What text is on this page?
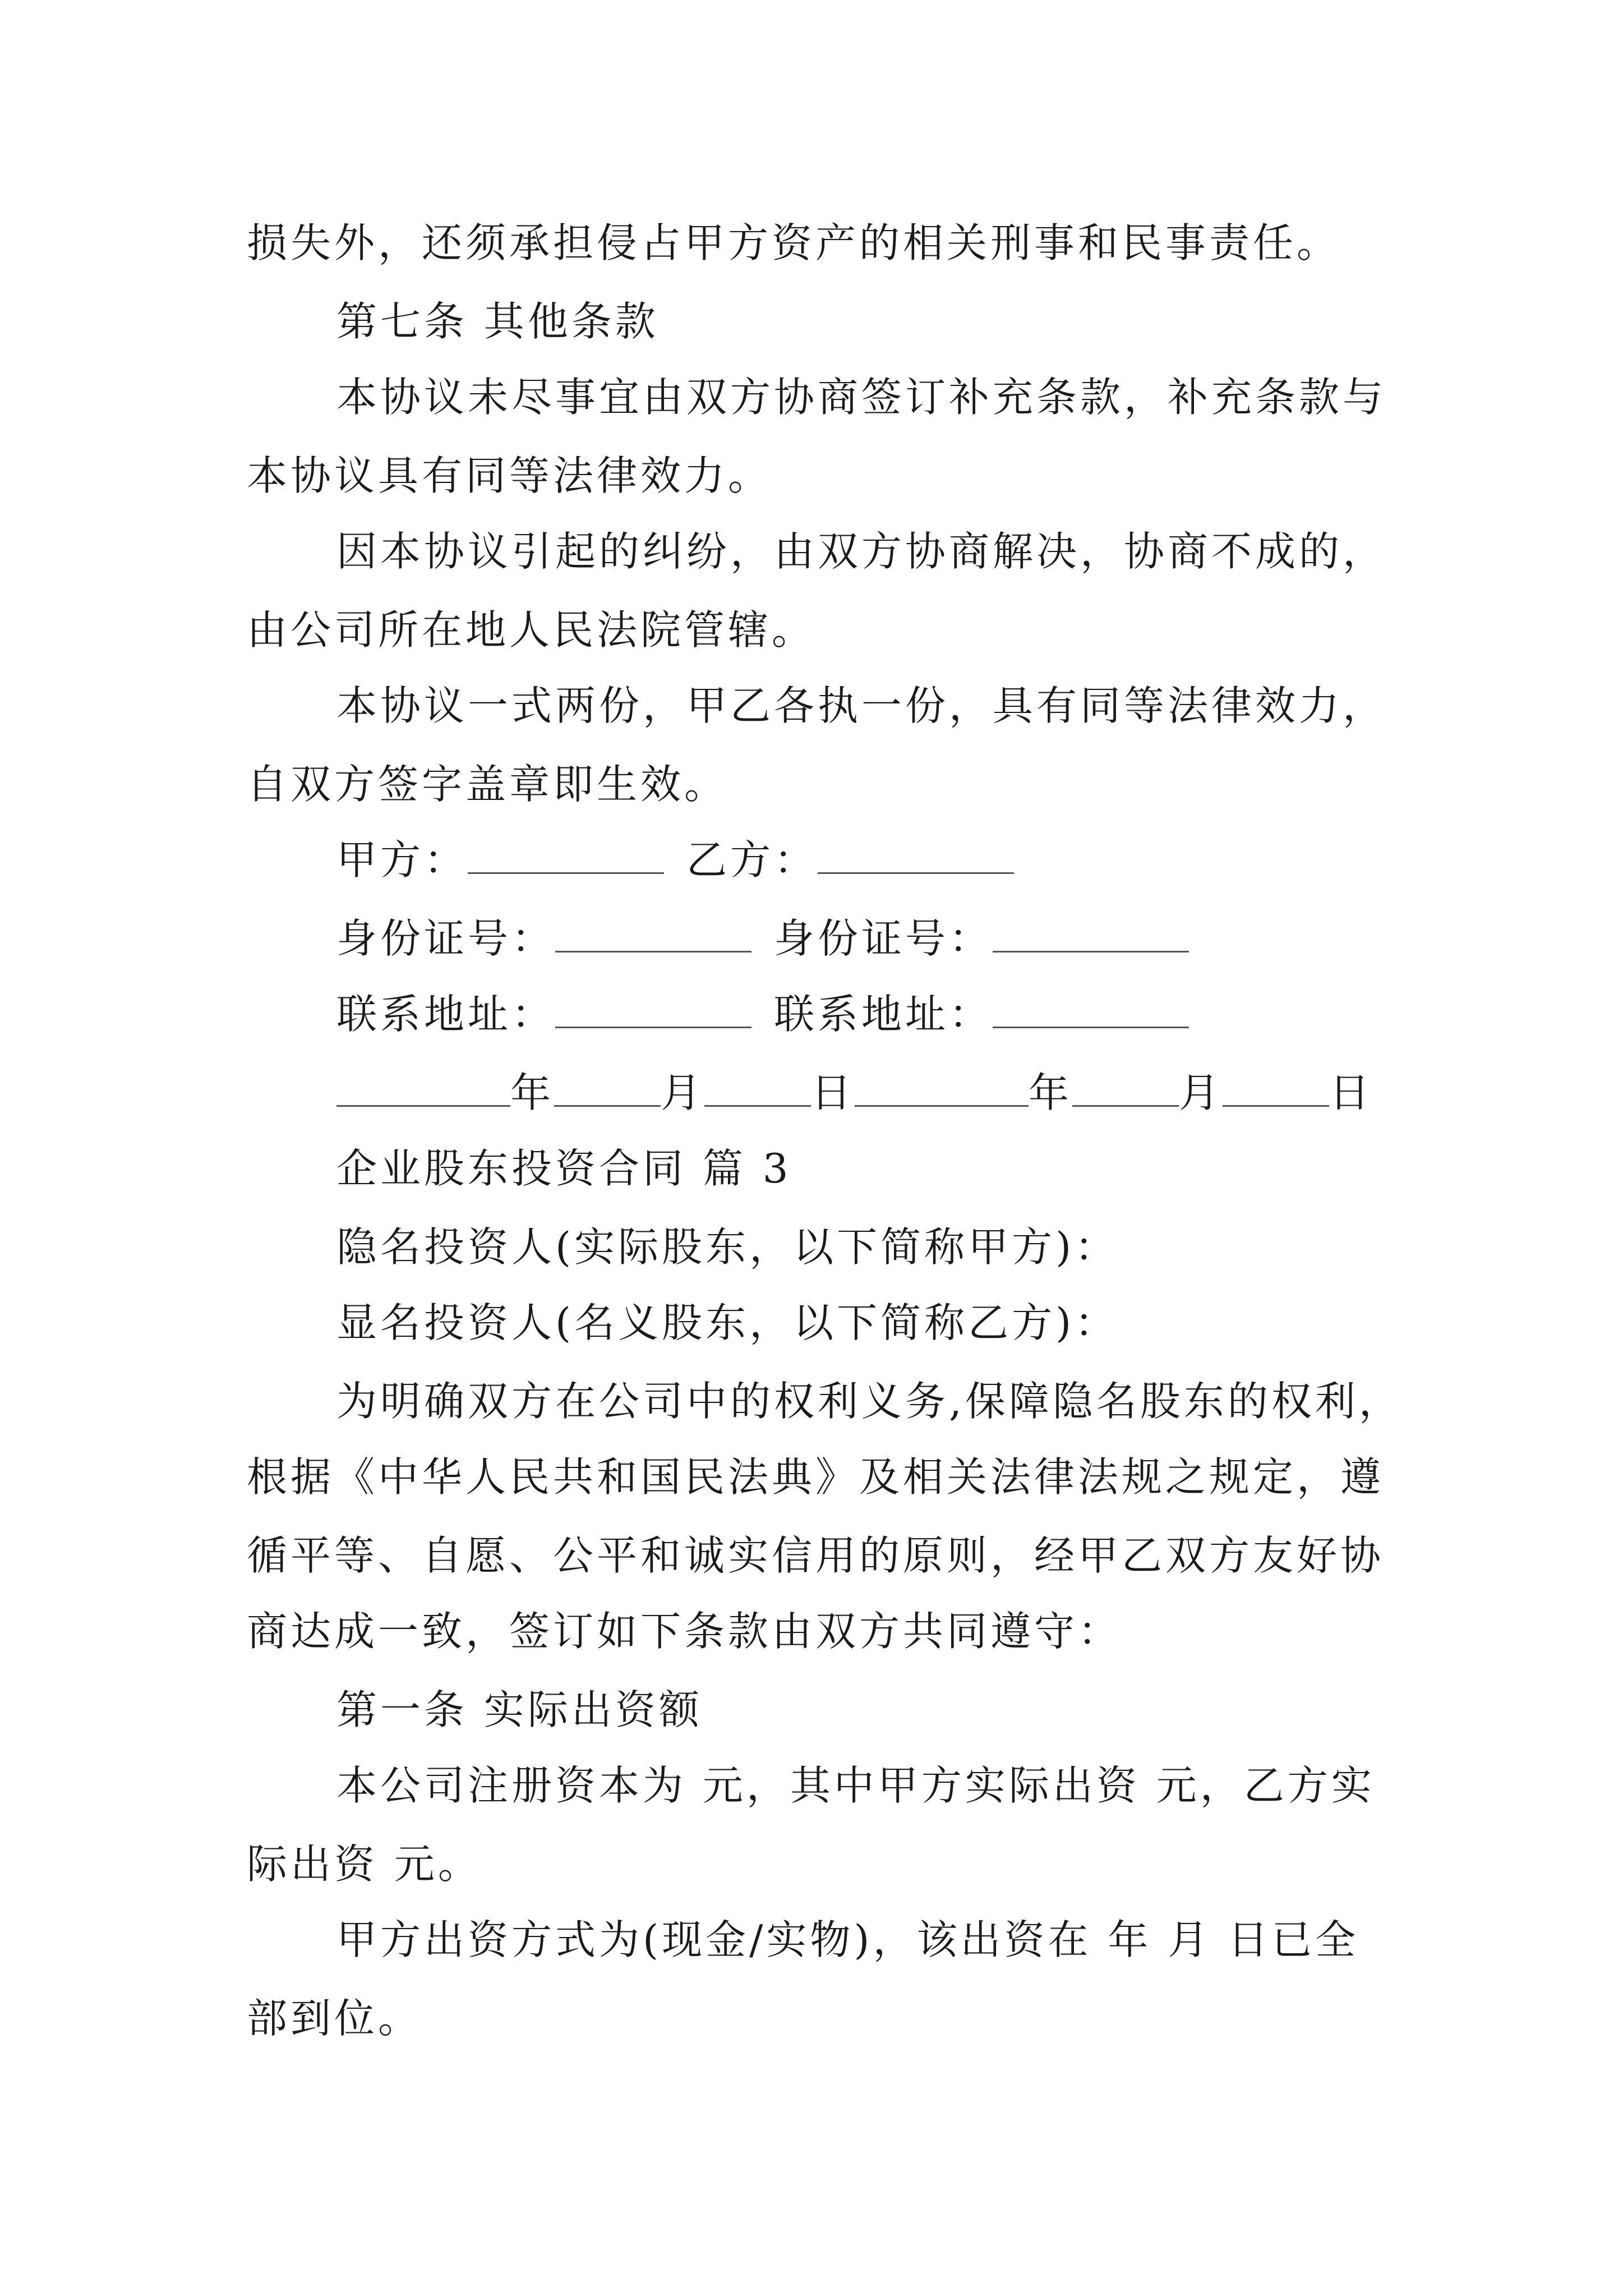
损失外，还须承担侵占甲方资产的相关刑事和民事责任。
第七条 其他条款
本协议未尽事宜由双方协商签订补充条款，补充条款与
本协议具有同等法律效力。
因本协议引起的纠纷，由双方协商解决，协商不成的，
由公司所在地人民法院管辖。
本协议一式两份，甲乙各执一份，具有同等法律效力，
自双方签字盖章即生效。
甲方：	乙方：
身份证号：	身份证号：
联系地址：	联系地址：
年	月	日	年	月	日
企业股东投资合同 篇 3
隐名投资人(实际股东，以下简称甲方)：
显名投资人(名义股东，以下简称乙方)：
为明确双方在公司中的权利义务,保障隐名股东的权利，
根据《中华人民共和国民法典》及相关法律法规之规定，遵
循平等、自愿、公平和诚实信用的原则，经甲乙双方友好协
商达成一致，签订如下条款由双方共同遵守：
第一条 实际出资额
本公司注册资本为 元，其中甲方实际出资 元，乙方实
际出资 元。
甲方出资方式为(现金/实物)，该出资在 年 月 日已全
部到位。
